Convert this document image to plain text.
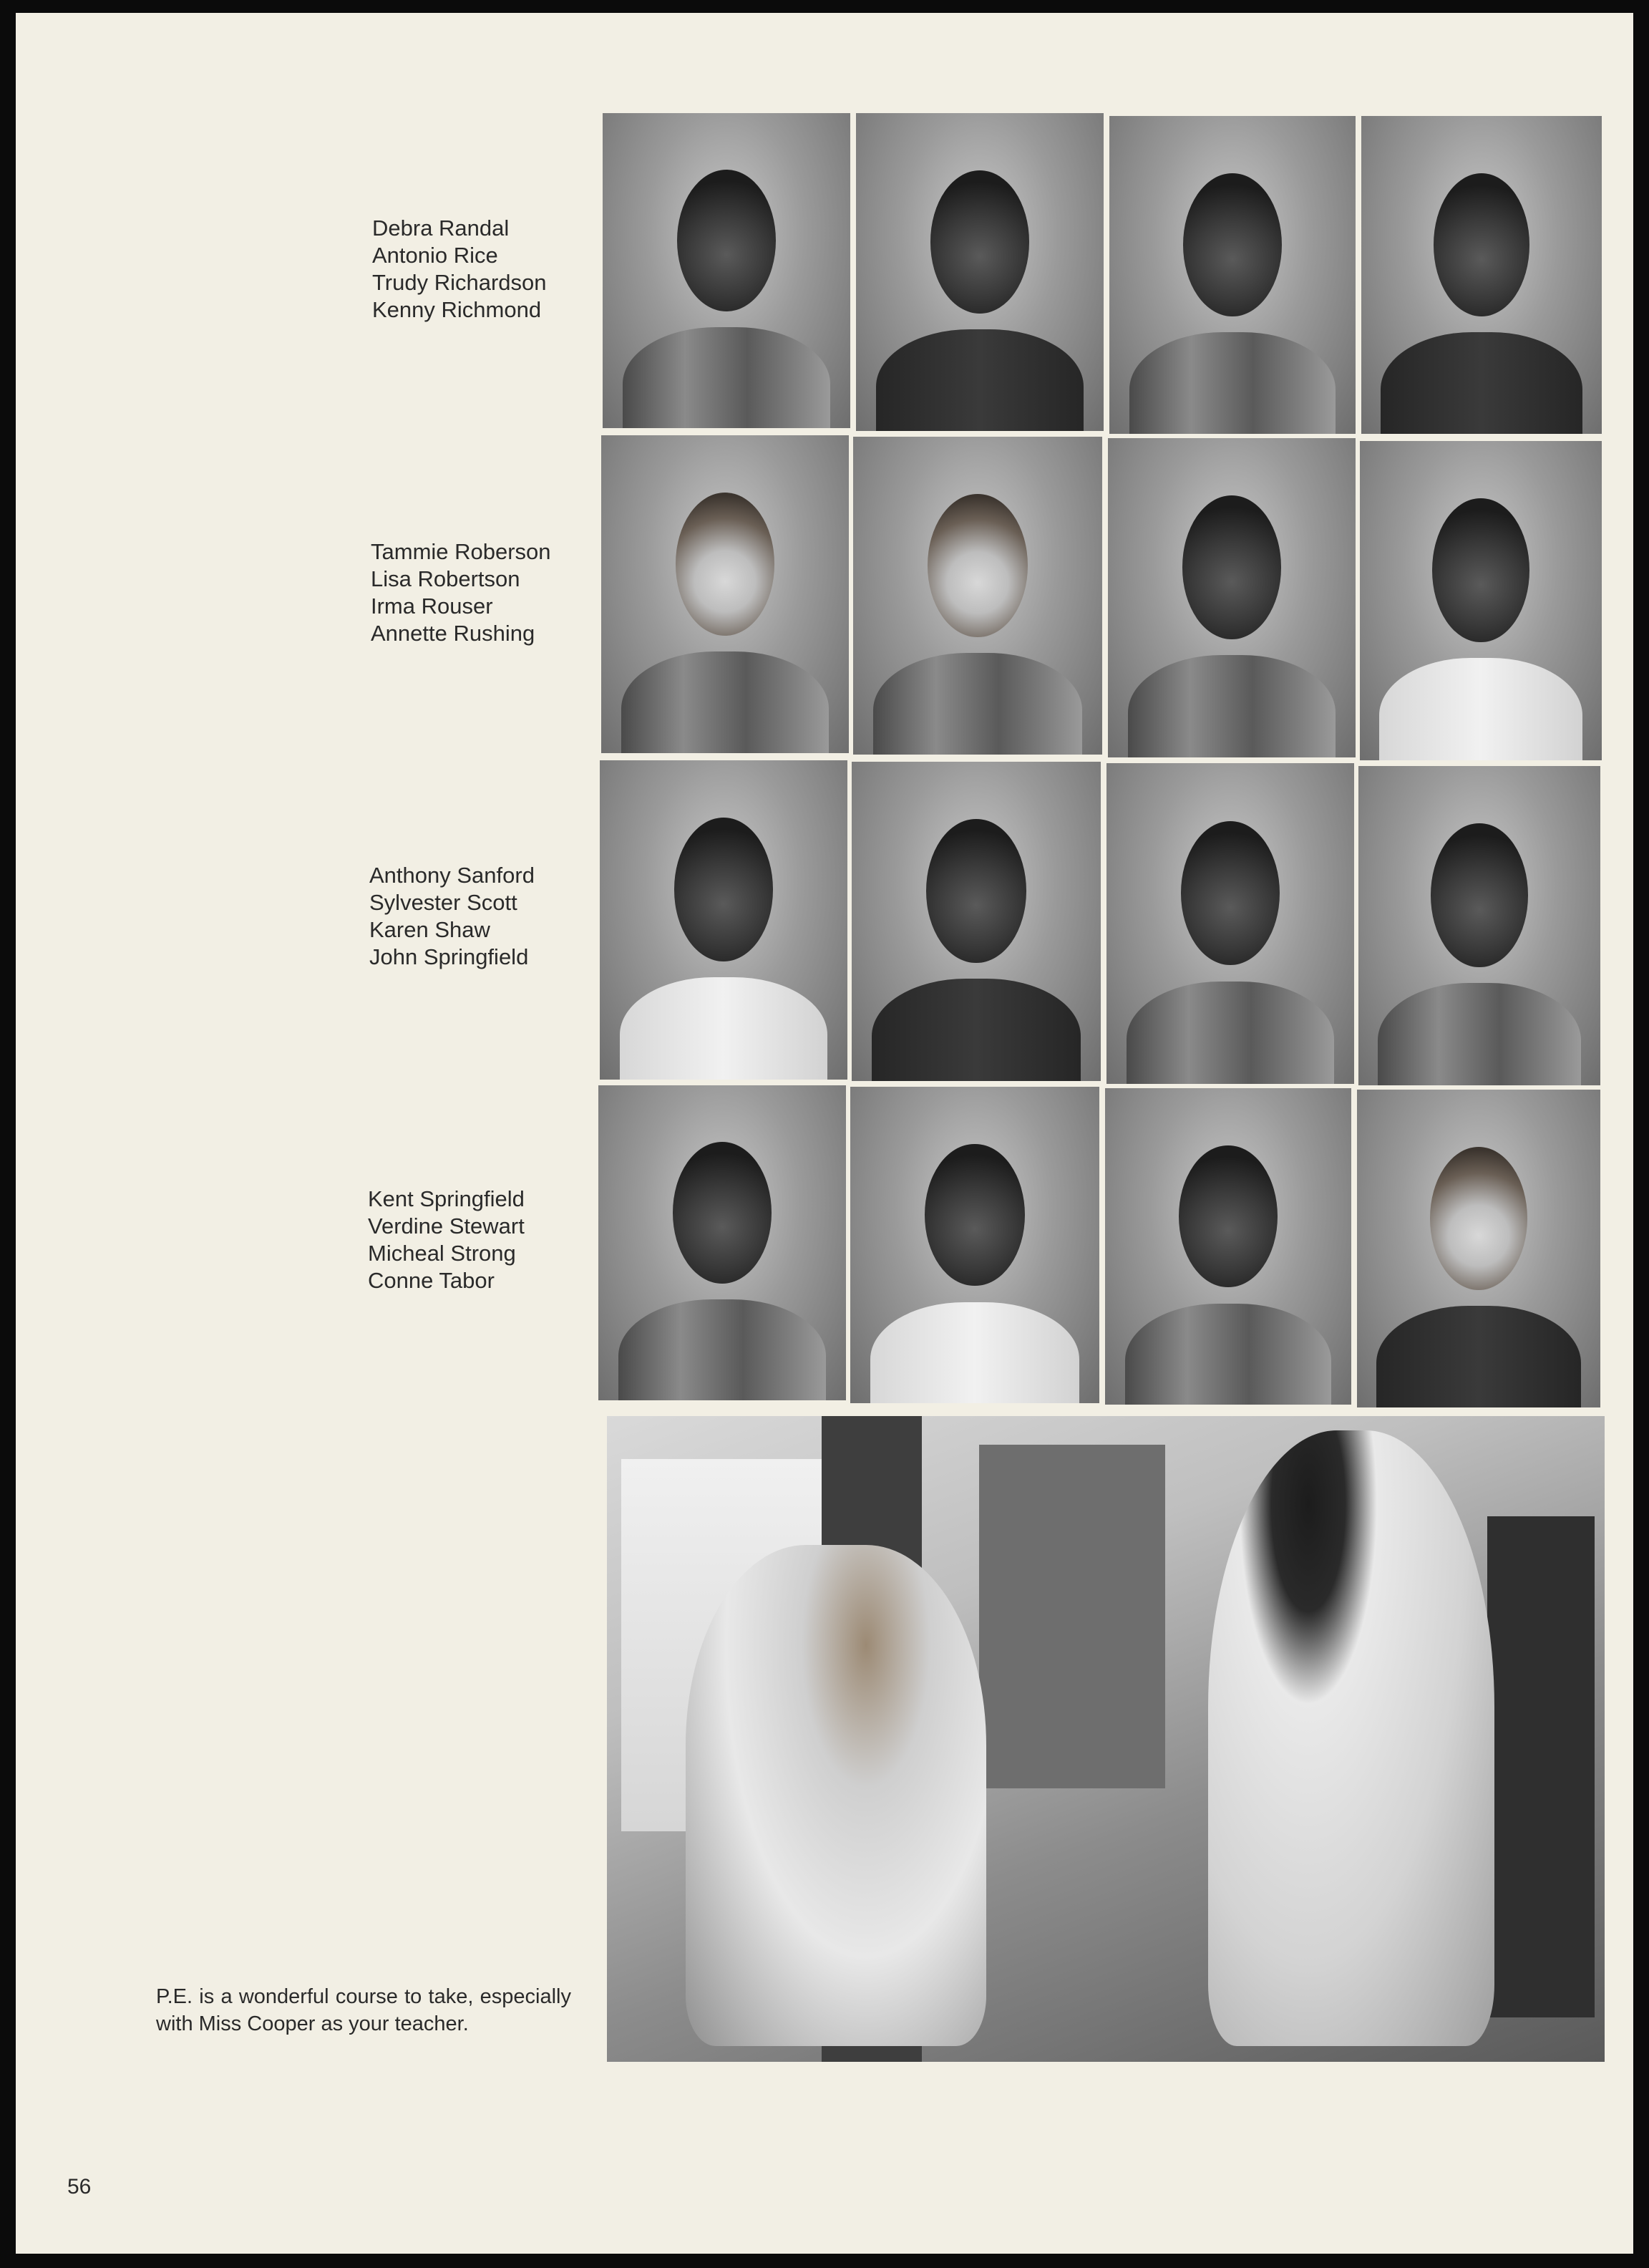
Debra Randal
Antonio Rice
Trudy Richardson
Kenny Richmond
Tammie Roberson
Lisa Robertson
Irma Rouser
Annette Rushing
Anthony Sanford
Sylvester Scott
Karen Shaw
John Springfield
Kent Springfield
Verdine Stewart
Micheal Strong
Conne Tabor
P.E. is a wonderful course to take, especially with Miss Cooper as your teacher.
56
